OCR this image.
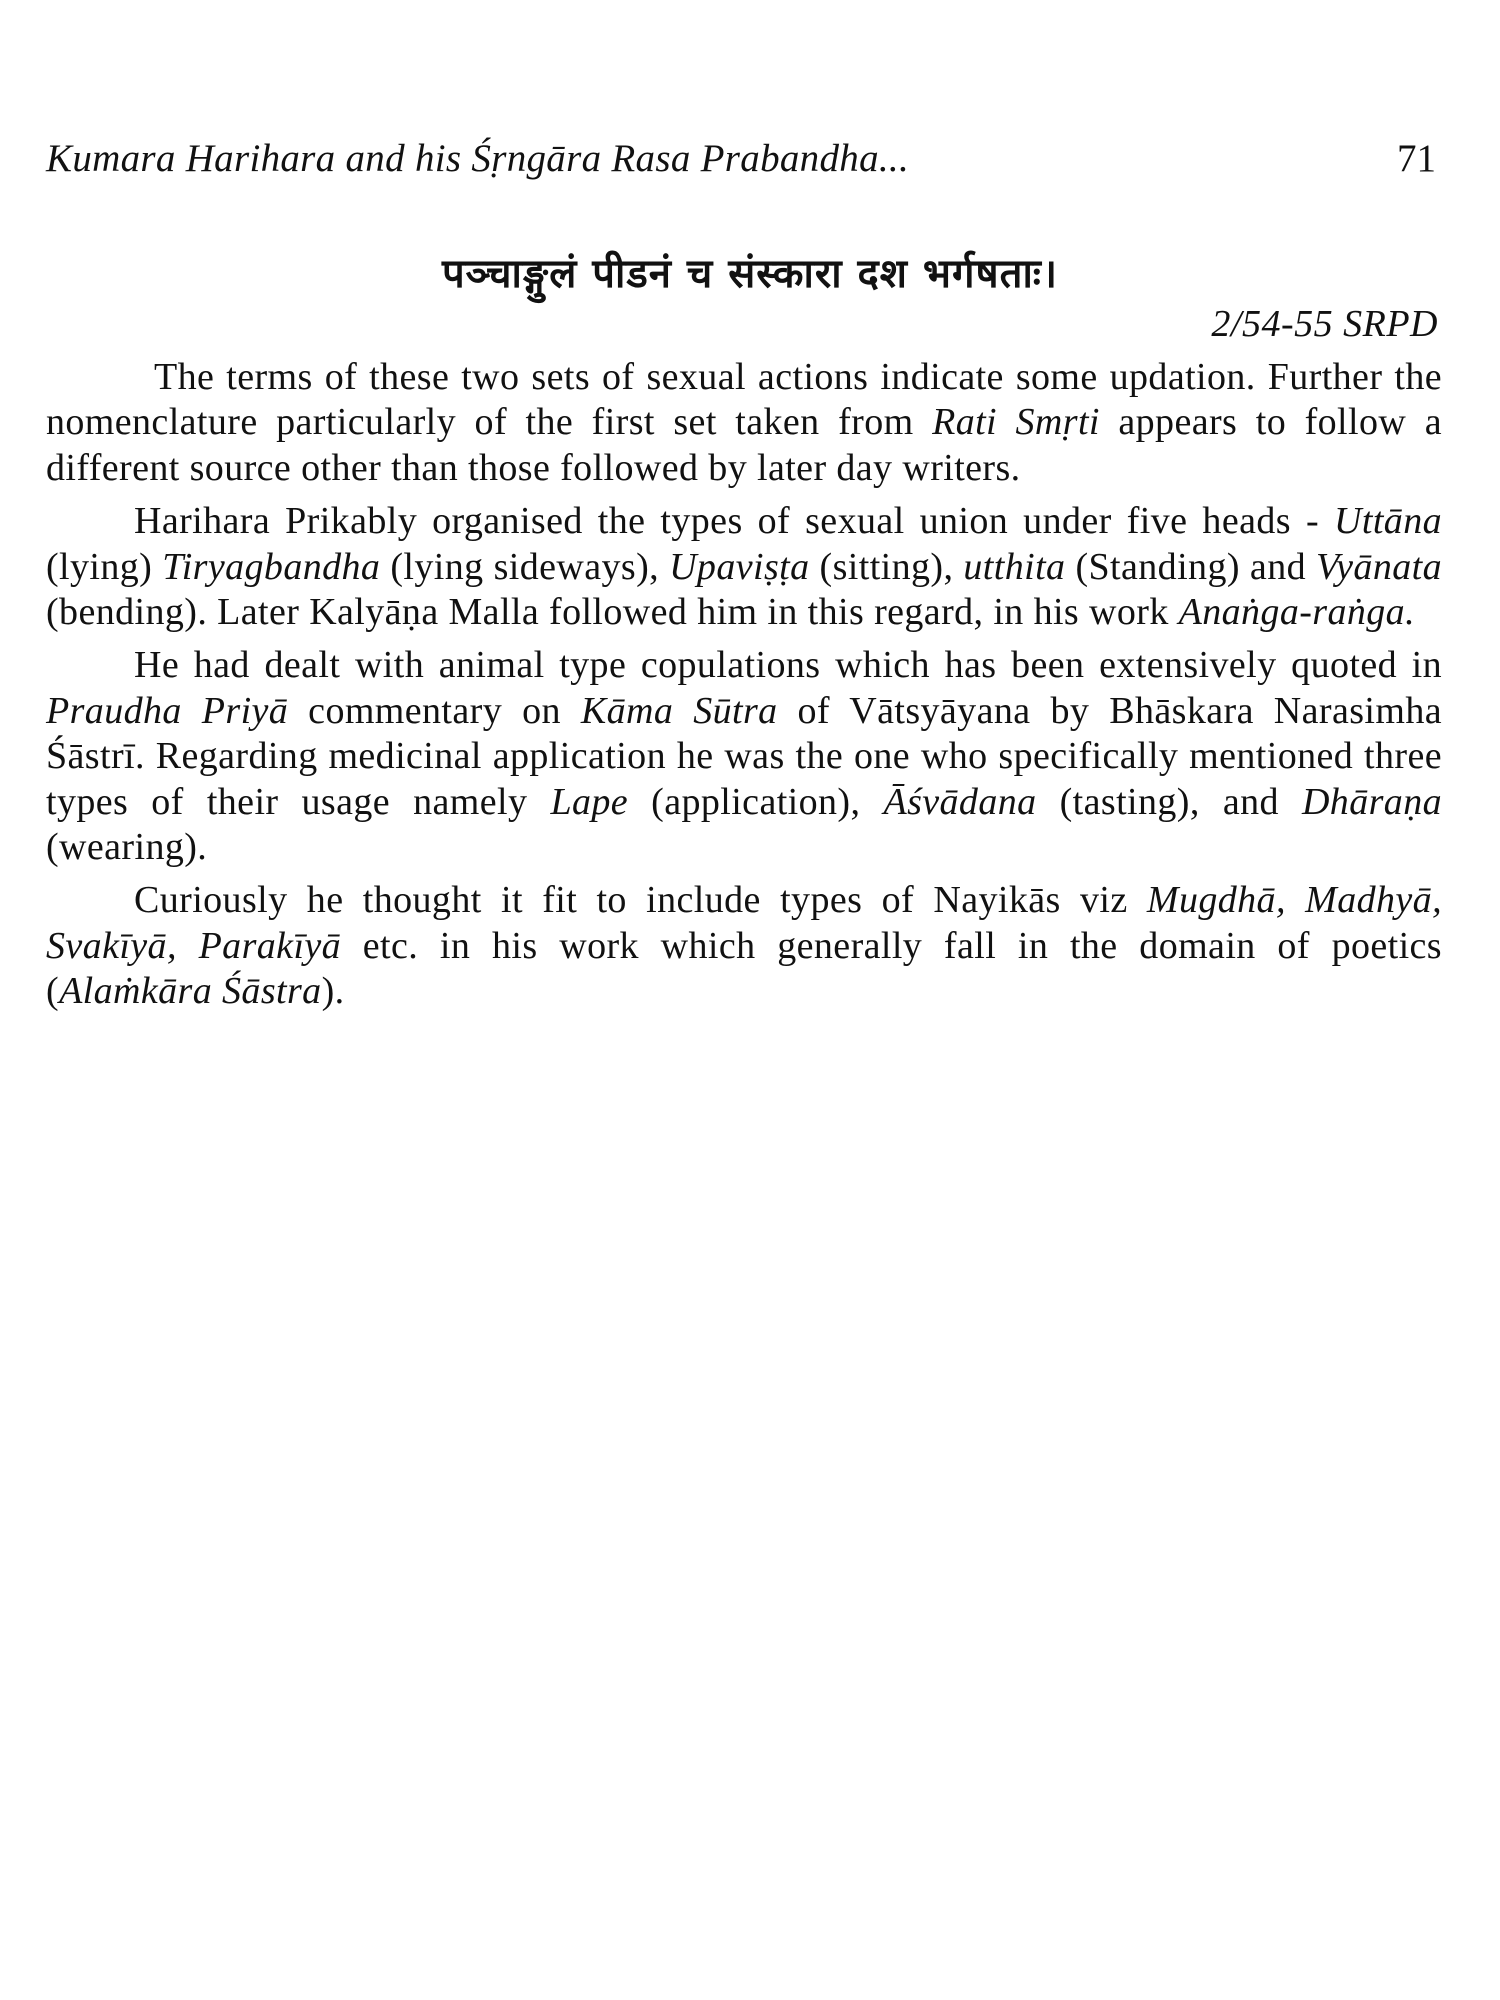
Kumara Harihara and his Śṛngāra Rasa Prabandha...	71
पञ्चाङ्गुलं पीडनं च संस्कारा दश भर्गषताः।
2/54-55 SRPD

The terms of these two sets of sexual actions indicate some updation. Further the nomenclature particularly of the first set taken from Rati Smṛti appears to follow a different source other than those followed by later day writers.

Harihara Prikably organised the types of sexual union under five heads - Uttāna (lying) Tiryagbandha (lying sideways), Upaviṣṭa (sitting), utthita (Standing) and Vyānata (bending). Later Kalyāṇa Malla followed him in this regard, in his work Anaṅga-raṅga.

He had dealt with animal type copulations which has been extensively quoted in Praudha Priyā commentary on Kāma Sūtra of Vātsyāyana by Bhāskara Narasimha Śāstrī. Regarding medicinal application he was the one who specifically mentioned three types of their usage namely Lape (application), Āśvādana (tasting), and Dhāraṇa (wearing).

Curiously he thought it fit to include types of Nayikās viz Mugdhā, Madhyā, Svakīyā, Parakīyā etc. in his work which generally fall in the domain of poetics (Alaṁkāra Śāstra).
